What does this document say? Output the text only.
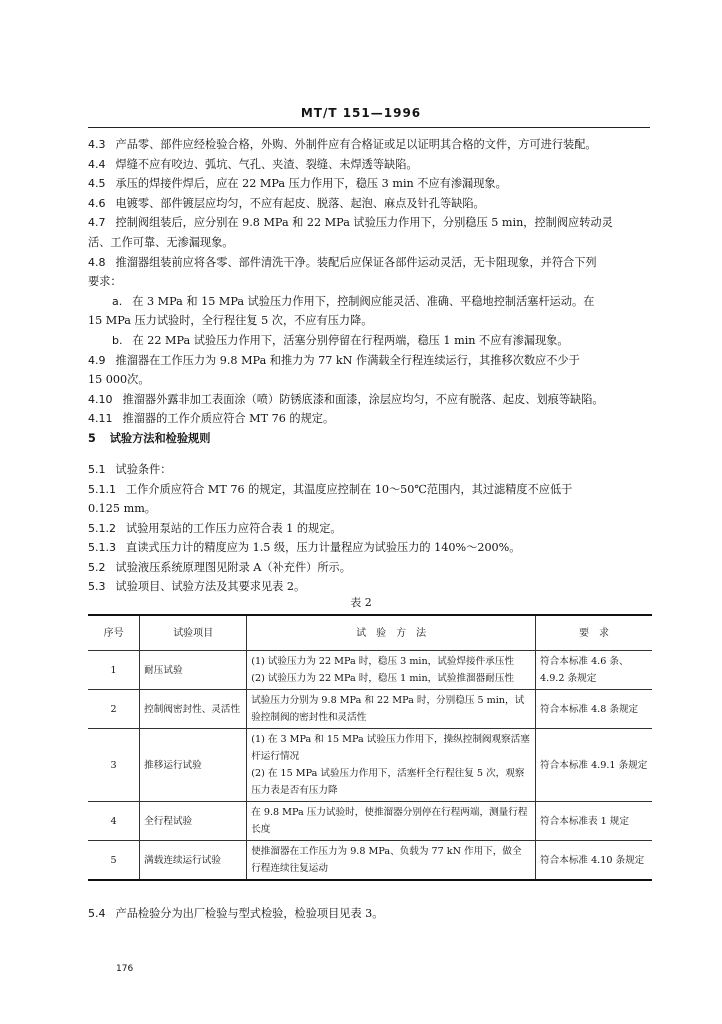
MT/T 151—1996
4.3 产品零、部件应经检验合格，外购、外制件应有合格证或足以证明其合格的文件，方可进行装配。
4.4 焊缝不应有咬边、弧坑、气孔、夹渣、裂缝、未焊透等缺陷。
4.5 承压的焊接件焊后，应在 22 MPa 压力作用下，稳压 3 min 不应有渗漏现象。
4.6 电镀零、部件镀层应均匀，不应有起皮、脱落、起泡、麻点及针孔等缺陷。
4.7 控制阀组装后，应分别在 9.8 MPa 和 22 MPa 试验压力作用下，分别稳压 5 min，控制阀应转动灵
活、工作可靠、无渗漏现象。
4.8 推溜器组装前应将各零、部件清洗干净。装配后应保证各部件运动灵活，无卡阻现象，并符合下列
要求：
a. 在 3 MPa 和 15 MPa 试验压力作用下，控制阀应能灵活、准确、平稳地控制活塞杆运动。在
15 MPa 压力试验时，全行程往复 5 次，不应有压力降。
b. 在 22 MPa 试验压力作用下，活塞分别停留在行程两端，稳压 1 min 不应有渗漏现象。
4.9 推溜器在工作压力为 9.8 MPa 和推力为 77 kN 作满载全行程连续运行，其推移次数应不少于
15 000次。
4.10 推溜器外露非加工表面涂（喷）防锈底漆和面漆，涂层应均匀，不应有脱落、起皮、划痕等缺陷。
4.11 推溜器的工作介质应符合 MT 76 的规定。
5 试验方法和检验规则
5.1 试验条件：
5.1.1 工作介质应符合 MT 76 的规定，其温度应控制在 10～50℃范围内，其过滤精度不应低于
0.125 mm。
5.1.2 试验用泵站的工作压力应符合表 1 的规定。
5.1.3 直读式压力计的精度应为 1.5 级，压力计量程应为试验压力的 140%～200%。
5.2 试验液压系统原理图见附录 A（补充件）所示。
5.3 试验项目、试验方法及其要求见表 2。
表 2
序号	试验项目	试　验　方　法	要　求
1	耐压试验	(1) 试验压力为 22 MPa 时，稳压 3 min，试验焊接件承压性
(2) 试验压力为 22 MPa 时，稳压 1 min，试验推溜器耐压性	符合本标准 4.6 条、4.9.2 条规定
2	控制阀密封性、灵活性	试验压力分别为 9.8 MPa 和 22 MPa 时，分别稳压 5 min，试验控制阀的密封性和灵活性	符合本标准 4.8 条规定
3	推移运行试验	(1) 在 3 MPa 和 15 MPa 试验压力作用下，操纵控制阀观察活塞杆运行情况
(2) 在 15 MPa 试验压力作用下，活塞杆全行程往复 5 次，观察压力表是否有压力降	符合本标准 4.9.1 条规定
4	全行程试验	在 9.8 MPa 压力试验时，使推溜器分别停在行程两端，测量行程长度	符合本标准表 1 规定
5	满载连续运行试验	使推溜器在工作压力为 9.8 MPa、负载为 77 kN 作用下，做全行程连续往复运动	符合本标准 4.10 条规定
5.4 产品检验分为出厂检验与型式检验，检验项目见表 3。
176
